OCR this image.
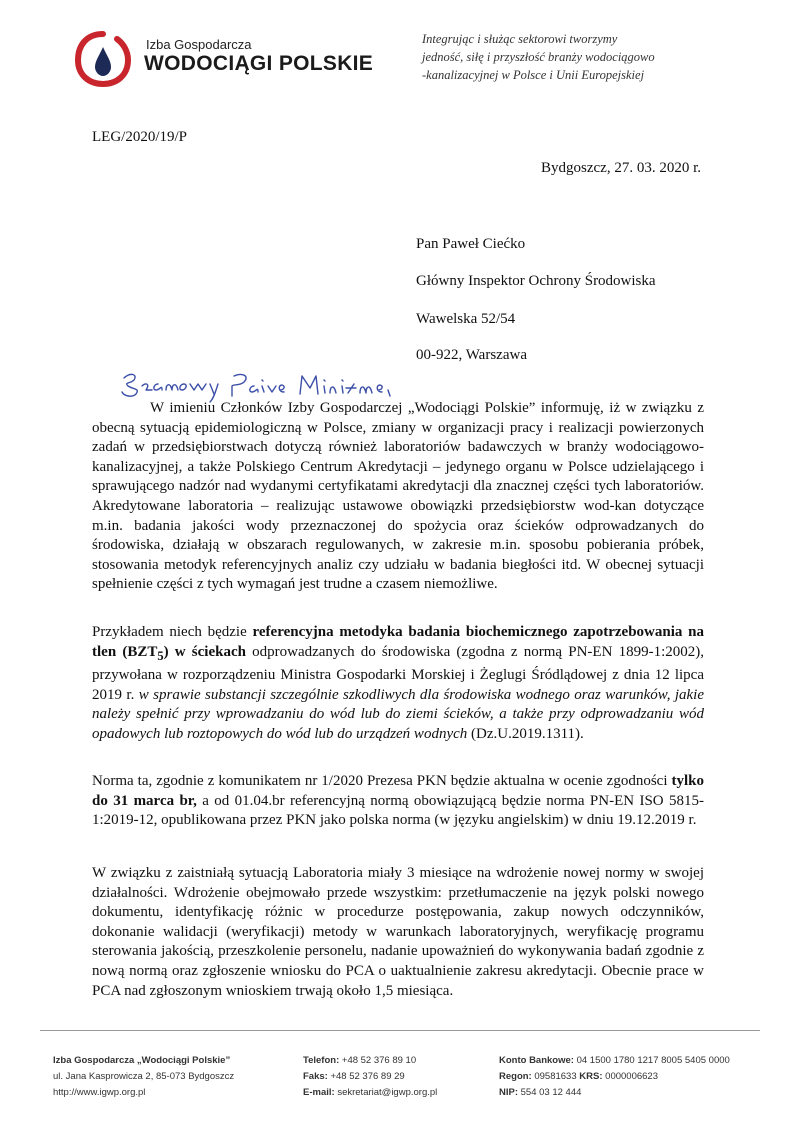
Izba Gospodarcza
WODOCIĄGI POLSKIE
Integrując i służąc sektorowi tworzymy
jedność, siłę i przyszłość branży wodociągowo
-kanalizacyjnej w Polsce i Unii Europejskiej
LEG/2020/19/P
Bydgoszcz, 27. 03. 2020 r.
Pan Paweł Ciećko
Główny Inspektor Ochrony Środowiska
Wawelska 52/54
00-922, Warszawa
W imieniu Członków Izby Gospodarczej „Wodociągi Polskie” informuję, iż w związku z obecną sytuacją epidemiologiczną w Polsce, zmiany w organizacji pracy i realizacji powierzonych zadań w przedsiębiorstwach dotyczą również laboratoriów badawczych w branży wodociągowo-kanalizacyjnej, a także Polskiego Centrum Akredytacji – jedynego organu w Polsce udzielającego i sprawującego nadzór nad wydanymi certyfikatami akredytacji dla znacznej części tych laboratoriów. Akredytowane laboratoria – realizując ustawowe obowiązki przedsiębiorstw wod-kan dotyczące m.in. badania jakości wody przeznaczonej do spożycia oraz ścieków odprowadzanych do środowiska, działają w obszarach regulowanych, w zakresie m.in. sposobu pobierania próbek, stosowania metodyk referencyjnych analiz czy udziału w badania biegłości itd. W obecnej sytuacji spełnienie części z tych wymagań jest trudne a czasem niemożliwe.
Przykładem niech będzie referencyjna metodyka badania biochemicznego zapotrzebowania na tlen $(BZT_5)$ w ściekach odprowadzanych do środowiska (zgodna z normą PN-EN 1899-1:2002), przywołana w rozporządzeniu Ministra Gospodarki Morskiej i Żeglugi Śródlądowej z dnia 12 lipca 2019 r. w sprawie substancji szczególnie szkodliwych dla środowiska wodnego oraz warunków, jakie należy spełnić przy wprowadzaniu do wód lub do ziemi ścieków, a także przy odprowadzaniu wód opadowych lub roztopowych do wód lub do urządzeń wodnych (Dz.U.2019.1311).
Norma ta, zgodnie z komunikatem nr 1/2020 Prezesa PKN będzie aktualna w ocenie zgodności tylko do 31 marca br, a od 01.04.br referencyjną normą obowiązującą będzie norma PN-EN ISO 5815-1:2019-12, opublikowana przez PKN jako polska norma (w języku angielskim) w dniu 19.12.2019 r.
W związku z zaistniałą sytuacją Laboratoria miały 3 miesiące na wdrożenie nowej normy w swojej działalności. Wdrożenie obejmowało przede wszystkim: przetłumaczenie na język polski nowego dokumentu, identyfikację różnic w procedurze postępowania, zakup nowych odczynników, dokonanie walidacji (weryfikacji) metody w warunkach laboratoryjnych, weryfikację programu sterowania jakością, przeszkolenie personelu, nadanie upoważnień do wykonywania badań zgodnie z nową normą oraz zgłoszenie wniosku do PCA o uaktualnienie zakresu akredytacji. Obecnie prace w PCA nad zgłoszonym wnioskiem trwają około 1,5 miesiąca.
Izba Gospodarcza „Wodociągi Polskie”
ul. Jana Kasprowicza 2, 85-073 Bydgoszcz
http://www.igwp.org.pl
Telefon: +48 52 376 89 10
Faks: +48 52 376 89 29
E-mail: sekretariat@igwp.org.pl
Konto Bankowe: 04 1500 1780 1217 8005 5405 0000
Regon: 09581633 KRS: 0000006623
NIP: 554 03 12 444
